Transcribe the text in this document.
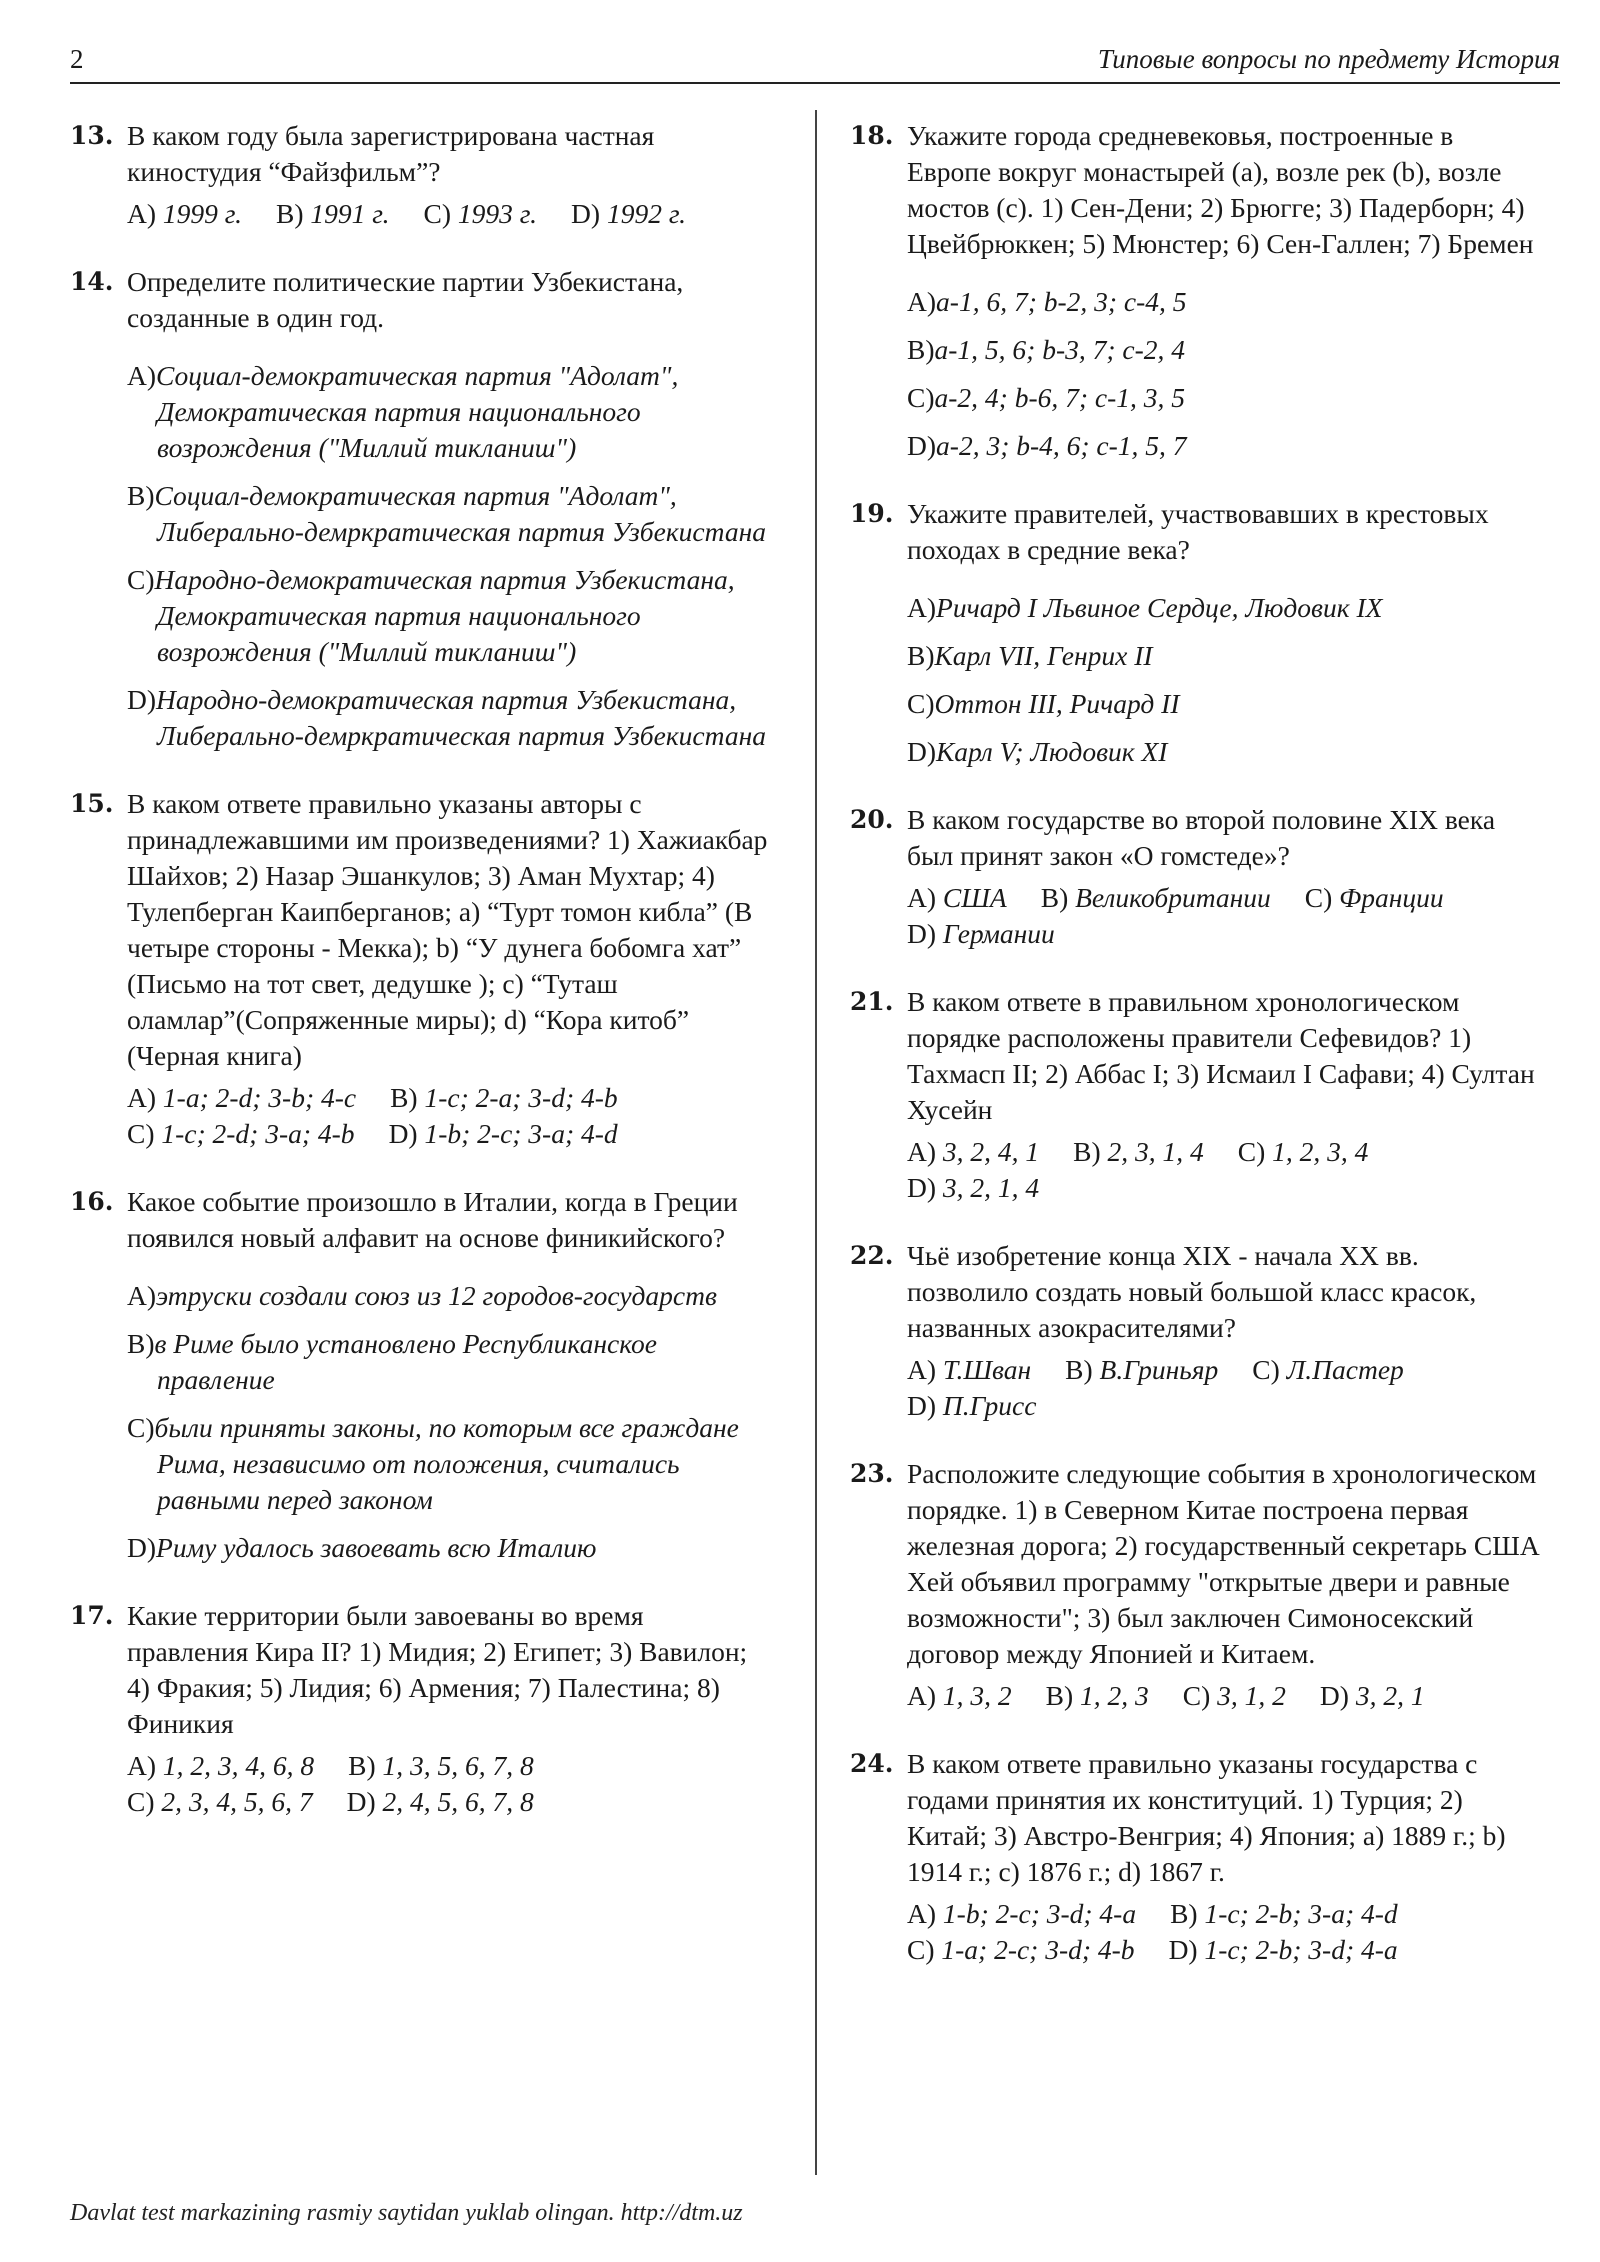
2	Типовые вопросы по предмету История
13. В каком году была зарегистрирована частная киностудия “Файзфильм”?
A) 1999 г. B) 1991 г. C) 1993 г. D) 1992 г.
14. Определите политические партии Узбекистана, созданные в один год.
A)Социал-демократическая партия "Адолат", Демократическая партия национального возрождения ("Миллий тикланиш")
B)Социал-демократическая партия "Адолат", Либерально-демркратическая партия Узбекистана
C)Народно-демократическая партия Узбекистана, Демократическая партия национального возрождения ("Миллий тикланиш")
D)Народно-демократическая партия Узбекистана, Либерально-демркратическая партия Узбекистана
15. В каком ответе правильно указаны авторы с принадлежавшими им произведениями? 1) Хажиакбар Шайхов; 2) Назар Эшанкулов; 3) Аман Мухтар; 4) Тулепберган Каипбергaнов; a) “Турт томон кибла” (В четыре стороны - Мекка); b) “У дунега бобомга хат” (Письмо на тот свет, дедушке ); c) “Туташ оламлар”(Сопряженные миры); d) “Кора китоб” (Черная книга)
A) 1-a; 2-d; 3-b; 4-c B) 1-c; 2-a; 3-d; 4-b
C) 1-c; 2-d; 3-a; 4-b D) 1-b; 2-c; 3-a; 4-d
16. Какое событие произошло в Италии, когда в Греции появился новый алфавит на основе финикийского?
A)этруски создали союз из 12 городов-государств
B)в Риме было установлено Республиканское правление
C)были приняты законы, по которым все граждане Рима, независимо от положения, считались равными перед законом
D)Риму удалось завоевать всю Италию
17. Какие территории были завоеваны во время правления Кира II? 1) Мидия; 2) Египет; 3) Вавилон; 4) Фракия; 5) Лидия; 6) Армения; 7) Палестина; 8) Финикия
A) 1, 2, 3, 4, 6, 8 B) 1, 3, 5, 6, 7, 8
C) 2, 3, 4, 5, 6, 7 D) 2, 4, 5, 6, 7, 8
18. Укажите города средневековья, построенные в Европе вокруг монастырей (a), возле рек (b), возле мостов (c). 1) Сен-Дени; 2) Брюгге; 3) Падерборн; 4) Цвейбрюккен; 5) Мюнстер; 6) Сен-Галлен; 7) Бремен
A)a-1, 6, 7; b-2, 3; c-4, 5
B)a-1, 5, 6; b-3, 7; c-2, 4
C)a-2, 4; b-6, 7; c-1, 3, 5
D)a-2, 3; b-4, 6; c-1, 5, 7
19. Укажите правителей, участвовавших в крестовых походах в средние века?
A)Ричард I Львиное Сердце, Людовик IX
B)Карл VII, Генрих II
C)Оттон III, Ричард II
D)Карл V; Людовик XI
20. В каком государстве во второй половине XIX века был принят закон «О гомстеде»?
A) США B) Великобритании C) Франции
D) Германии
21. В каком ответе в правильном хронологическом порядке расположены правители Сефевидов? 1) Тахмасп II; 2) Аббас I; 3) Исмаил I Сафави; 4) Султан Хусейн
A) 3, 2, 4, 1 B) 2, 3, 1, 4 C) 1, 2, 3, 4
D) 3, 2, 1, 4
22. Чьё изобретение конца XIX - начала XX вв. позволило создать новый большой класс красок, названных азокрасителями?
A) Т.Шван B) В.Гриньяр C) Л.Пастер
D) П.Грисс
23. Расположите следующие события в хронологическом порядке. 1) в Северном Китае построена первая железная дорога; 2) государственный секретарь США Хей объявил программу "открытые двери и равные возможности"; 3) был заключен Симоносекский договор между Японией и Китаем.
A) 1, 3, 2 B) 1, 2, 3 C) 3, 1, 2 D) 3, 2, 1
24. В каком ответе правильно указаны государства с годами принятия их конституций. 1) Турция; 2) Китай; 3) Австро-Венгрия; 4) Япония; a) 1889 г.; b) 1914 г.; c) 1876 г.; d) 1867 г.
A) 1-b; 2-c; 3-d; 4-a B) 1-c; 2-b; 3-a; 4-d
C) 1-a; 2-c; 3-d; 4-b D) 1-c; 2-b; 3-d; 4-a
Davlat test markazining rasmiy saytidan yuklab olingan. http://dtm.uz
